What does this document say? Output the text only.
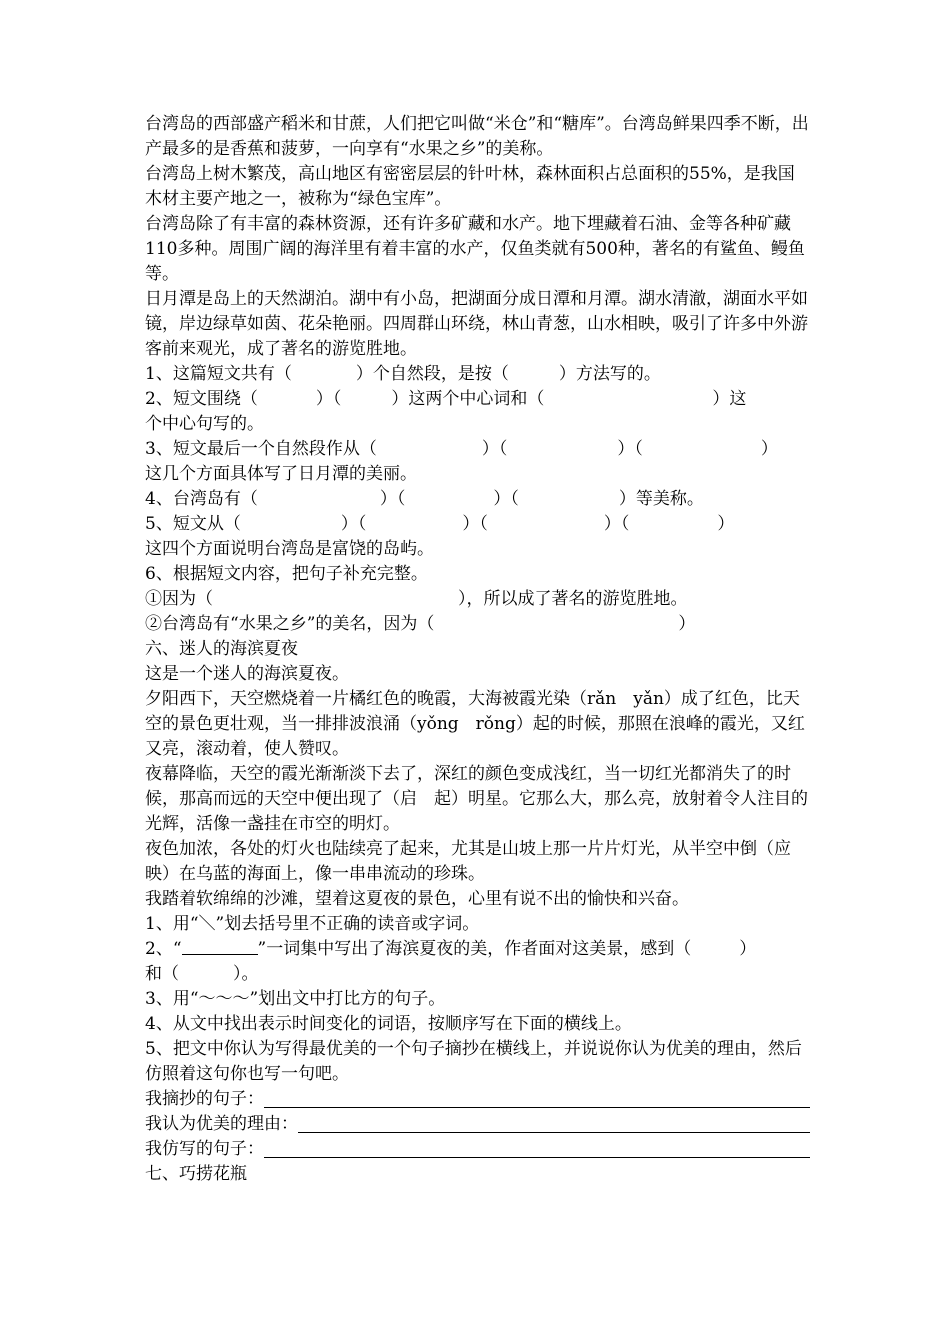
台湾岛的西部盛产稻米和甘蔗，人们把它叫做“米仓”和“糖库”。台湾岛鲜果四季不断，出产最多的是香蕉和菠萝，一向享有“水果之乡”的美称。

台湾岛上树木繁茂，高山地区有密密层层的针叶林，森林面积占总面积的55%，是我国木材主要产地之一，被称为“绿色宝库”。

台湾岛除了有丰富的森林资源，还有许多矿藏和水产。地下埋藏着石油、金等各种矿藏110多种。周围广阔的海洋里有着丰富的水产，仅鱼类就有500种，著名的有鲨鱼、鳗鱼等。

日月潭是岛上的天然湖泊。湖中有小岛，把湖面分成日潭和月潭。湖水清澈，湖面水平如镜，岸边绿草如茵、花朵艳丽。四周群山环绕，林山青葱，山水相映，吸引了许多中外游客前来观光，成了著名的游览胜地。

1、这篇短文共有（	）个自然段，是按（	）方法写的。
2、短文围绕（	）（	）这两个中心词和（	）这
个中心句写的。
3、短文最后一个自然段作从（	）（	）（	）
这几个方面具体写了日月潭的美丽。
4、台湾岛有（	）（	）（	）等美称。
5、短文从（	）（	）（	）（	）
这四个方面说明台湾岛是富饶的岛屿。
6、根据短文内容，把句子补充完整。
①因为（	），所以成了著名的游览胜地。
②台湾岛有“水果之乡”的美名，因为（	）

六、迷人的海滨夏夜

这是一个迷人的海滨夏夜。

夕阳西下，天空燃烧着一片橘红色的晚霞，大海被霞光染（rǎn　yǎn）成了红色，比天空的景色更壮观，当一排排波浪涌（yǒng　rǒng）起的时候，那照在浪峰的霞光，又红又亮，滚动着，使人赞叹。

夜幕降临，天空的霞光渐渐淡下去了，深红的颜色变成浅红，当一切红光都消失了的时候，那高而远的天空中便出现了（启　起）明星。它那么大，那么亮，放射着令人注目的光辉，活像一盏挂在市空的明灯。

夜色加浓，各处的灯火也陆续亮了起来，尤其是山坡上那一片片灯光，从半空中倒（应　映）在乌蓝的海面上，像一串串流动的珍珠。

我踏着软绵绵的沙滩，望着这夏夜的景色，心里有说不出的愉快和兴奋。

1、用“＼”划去括号里不正确的读音或字词。

2、“	”一词集中写出了海滨夏夜的美，作者面对这美景，感到（	）
和（	）。

3、用“～～～”划出文中打比方的句子。

4、从文中找出表示时间变化的词语，按顺序写在下面的横线上。

5、把文中你认为写得最优美的一个句子摘抄在横线上，并说说你认为优美的理由，然后仿照着这句你也写一句吧。

我摘抄的句子：
我认为优美的理由：
我仿写的句子：

七、巧捞花瓶
